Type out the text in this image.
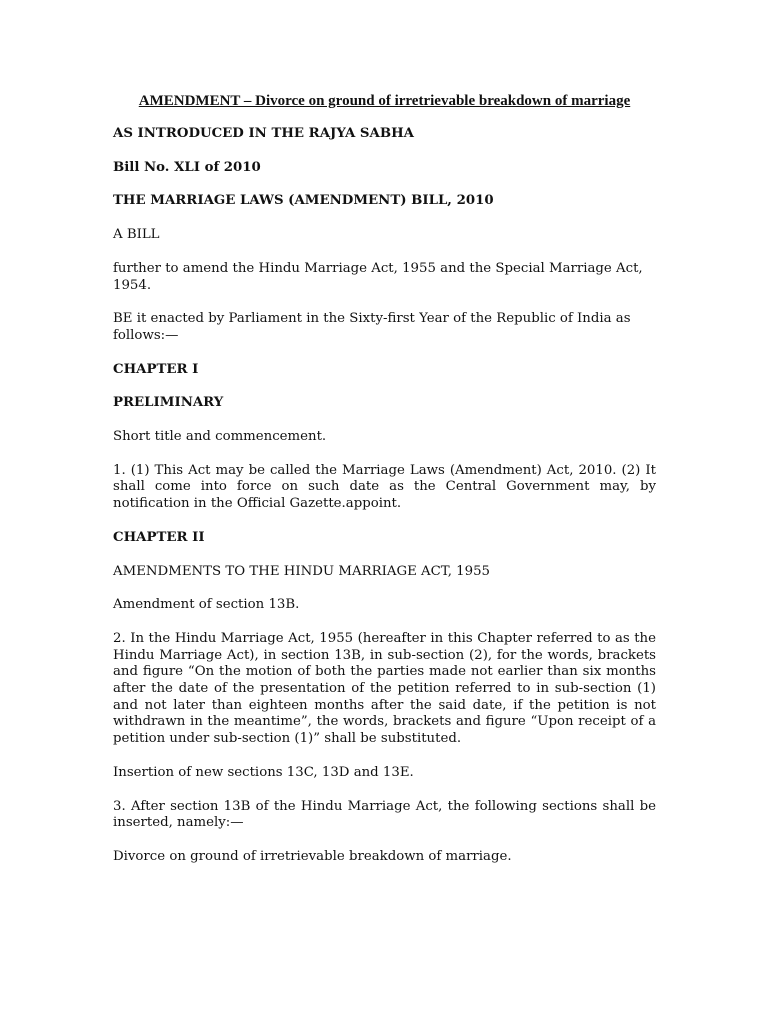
AMENDMENT – Divorce on ground of irretrievable breakdown of marriage
AS INTRODUCED IN THE RAJYA SABHA
Bill No. XLI of 2010
THE MARRIAGE LAWS (AMENDMENT) BILL, 2010
A BILL
further to amend the Hindu Marriage Act, 1955 and the Special Marriage Act, 1954.
BE it enacted by Parliament in the Sixty-first Year of the Republic of India as follows:—
CHAPTER I
PRELIMINARY
Short title and commencement.
1. (1) This Act may be called the Marriage Laws (Amendment) Act, 2010. (2) It shall come into force on such date as the Central Government may, by notification in the Official Gazette.appoint.
CHAPTER II
AMENDMENTS TO THE HINDU MARRIAGE ACT, 1955
Amendment of section 13B.
2. In the Hindu Marriage Act, 1955 (hereafter in this Chapter referred to as the Hindu Marriage Act), in section 13B, in sub-section (2), for the words, brackets and figure “On the motion of both the parties made not earlier than six months after the date of the presentation of the petition referred to in sub-section (1) and not later than eighteen months after the said date, if the petition is not withdrawn in the meantime”, the words, brackets and figure “Upon receipt of a petition under sub-section (1)” shall be substituted.
Insertion of new sections 13C, 13D and 13E.
3. After section 13B of the Hindu Marriage Act, the following sections shall be inserted, namely:—
Divorce on ground of irretrievable breakdown of marriage.
